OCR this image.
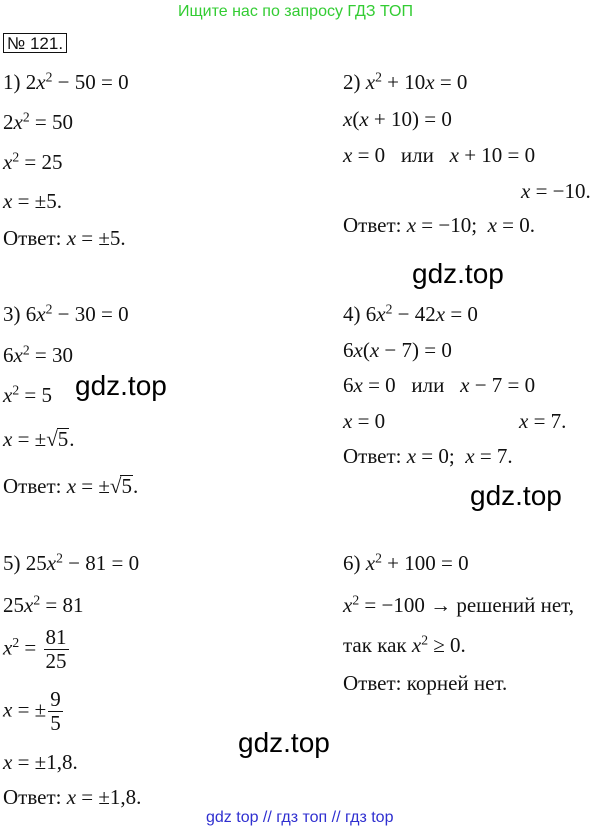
Ищите нас по запросу ГДЗ ТОП
№ 121.
1) $2x^2 - 50 = 0$
$2x^2 = 50$
$x^2 = 25$
x = ±5.
Ответ: x = ±5.
2) $x^2 + 10x = 0$
x(x + 10) = 0
x = 0   или x + 10 = 0
x = −10.
Ответ: x = −10;  x = 0.
gdz.top
3) $6x^2 - 30 = 0$
$6x^2 = 30$
$x^2 = 5$
x = ±√5.
Ответ: x = ±√5.
gdz.top
4) $6x^2 - 42x = 0$
6x(x − 7) = 0
6x = 0   или x − 7 = 0
x = 0	x = 7.
Ответ: x = 0;  x = 7.
gdz.top
5) $25x^2 - 81 = 0$
$25x^2 = 81$
$x^2 = \frac{81}{25}$
x = ± $\frac{9}{5}$
x = ±1,8.
Ответ: x = ±1,8.
gdz.top
6) $x^2 + 100 = 0$
$x^2 = -100$ → решений нет,
так как $x^2 \ge 0$.
Ответ: корней нет.
gdz top // гдз топ // гдз top
